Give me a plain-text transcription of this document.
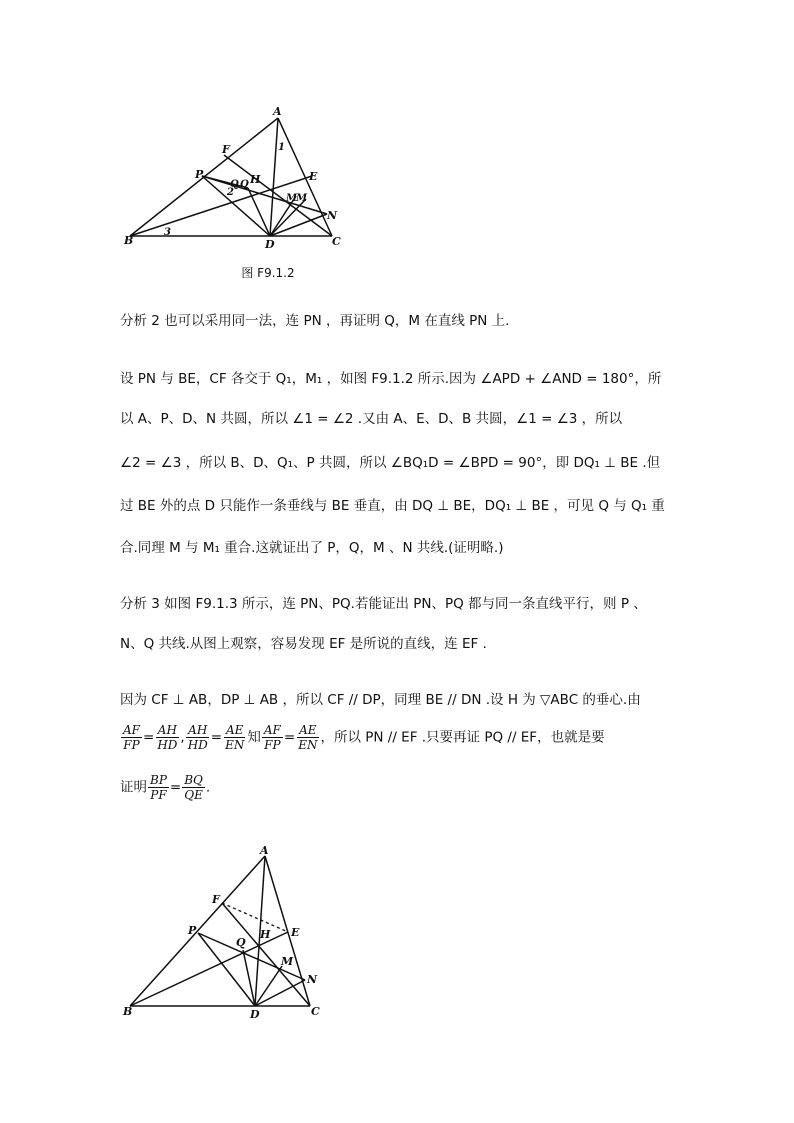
A
F
P	E
H
Q Q
M
M
N
B	D	C
1
2
3
图 F9.1.2
分析 2 也可以采用同一法，连 PN ，再证明 Q，M 在直线 PN 上.
设 PN 与 BE，CF 各交于 Q₁，M₁ ，如图 F9.1.2 所示.因为 ∠APD + ∠AND = 180°，所
以 A、P、D、N 共圆，所以 ∠1 = ∠2 .又由 A、E、D、B 共圆，∠1 = ∠3 ，所以
∠2 = ∠3 ，所以 B、D、Q₁、P 共圆，所以 ∠BQ₁D = ∠BPD = 90°，即 DQ₁ ⊥ BE .但
过 BE 外的点 D 只能作一条垂线与 BE 垂直，由 DQ ⊥ BE，DQ₁ ⊥ BE ，可见 Q 与 Q₁ 重
合.同理 M 与 M₁ 重合.这就证出了 P，Q，M 、N 共线.(证明略.)
分析 3 如图 F9.1.3 所示，连 PN、PQ.若能证出 PN、PQ 都与同一条直线平行，则 P 、
N、Q 共线.从图上观察，容易发现 EF 是所说的直线，连 EF .
因为 CF ⊥ AB，DP ⊥ AB ，所以 CF // DP，同理 BE // DN .设 H 为 ▽ABC 的垂心.由
$\frac{AF}{FP} = \frac{AH}{HD}$ , $\frac{AH}{HD} = \frac{AE}{EN}$ 知 $\frac{AF}{FP} = \frac{AE}{EN}$ ，所以 PN // EF .只要再证 PQ // EF，也就是要
证明 $\frac{BP}{PF} = \frac{BQ}{QE}$ .
A
F
P	E
H
Q
M
N
B	D	C
